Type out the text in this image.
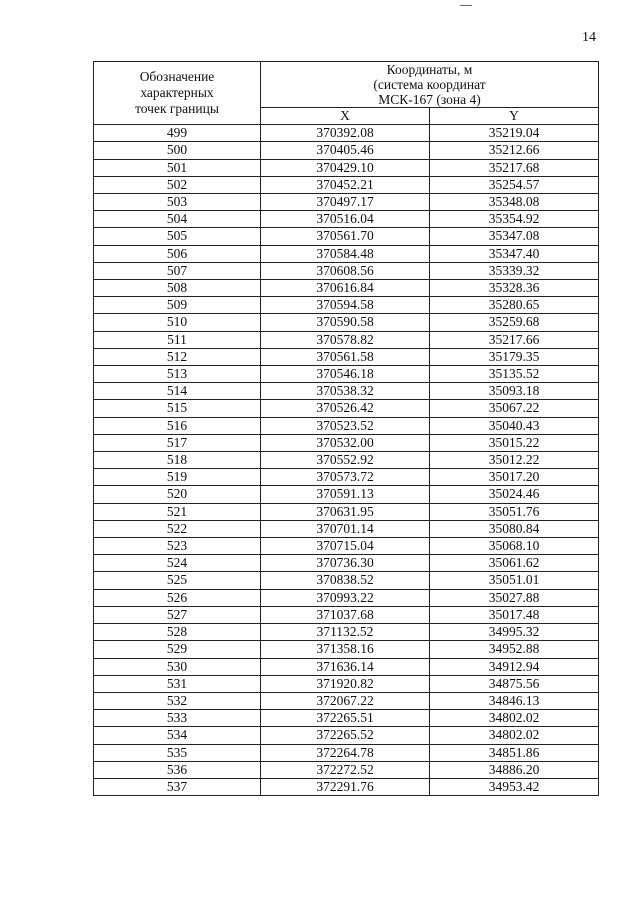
14
Обозначение
характерных
точек границы	Координаты, м
(система координат
МСК-167 (зона 4)	

	X	Y
499	370392.08	35219.04
500	370405.46	35212.66
501	370429.10	35217.68
502	370452.21	35254.57
503	370497.17	35348.08
504	370516.04	35354.92
505	370561.70	35347.08
506	370584.48	35347.40
507	370608.56	35339.32
508	370616.84	35328.36
509	370594.58	35280.65
510	370590.58	35259.68
511	370578.82	35217.66
512	370561.58	35179.35
513	370546.18	35135.52
514	370538.32	35093.18
515	370526.42	35067.22
516	370523.52	35040.43
517	370532.00	35015.22
518	370552.92	35012.22
519	370573.72	35017.20
520	370591.13	35024.46
521	370631.95	35051.76
522	370701.14	35080.84
523	370715.04	35068.10
524	370736.30	35061.62
525	370838.52	35051.01
526	370993.22	35027.88
527	371037.68	35017.48
528	371132.52	34995.32
529	371358.16	34952.88
530	371636.14	34912.94
531	371920.82	34875.56
532	372067.22	34846.13
533	372265.51	34802.02
534	372265.52	34802.02
535	372264.78	34851.86
536	372272.52	34886.20
537	372291.76	34953.42
